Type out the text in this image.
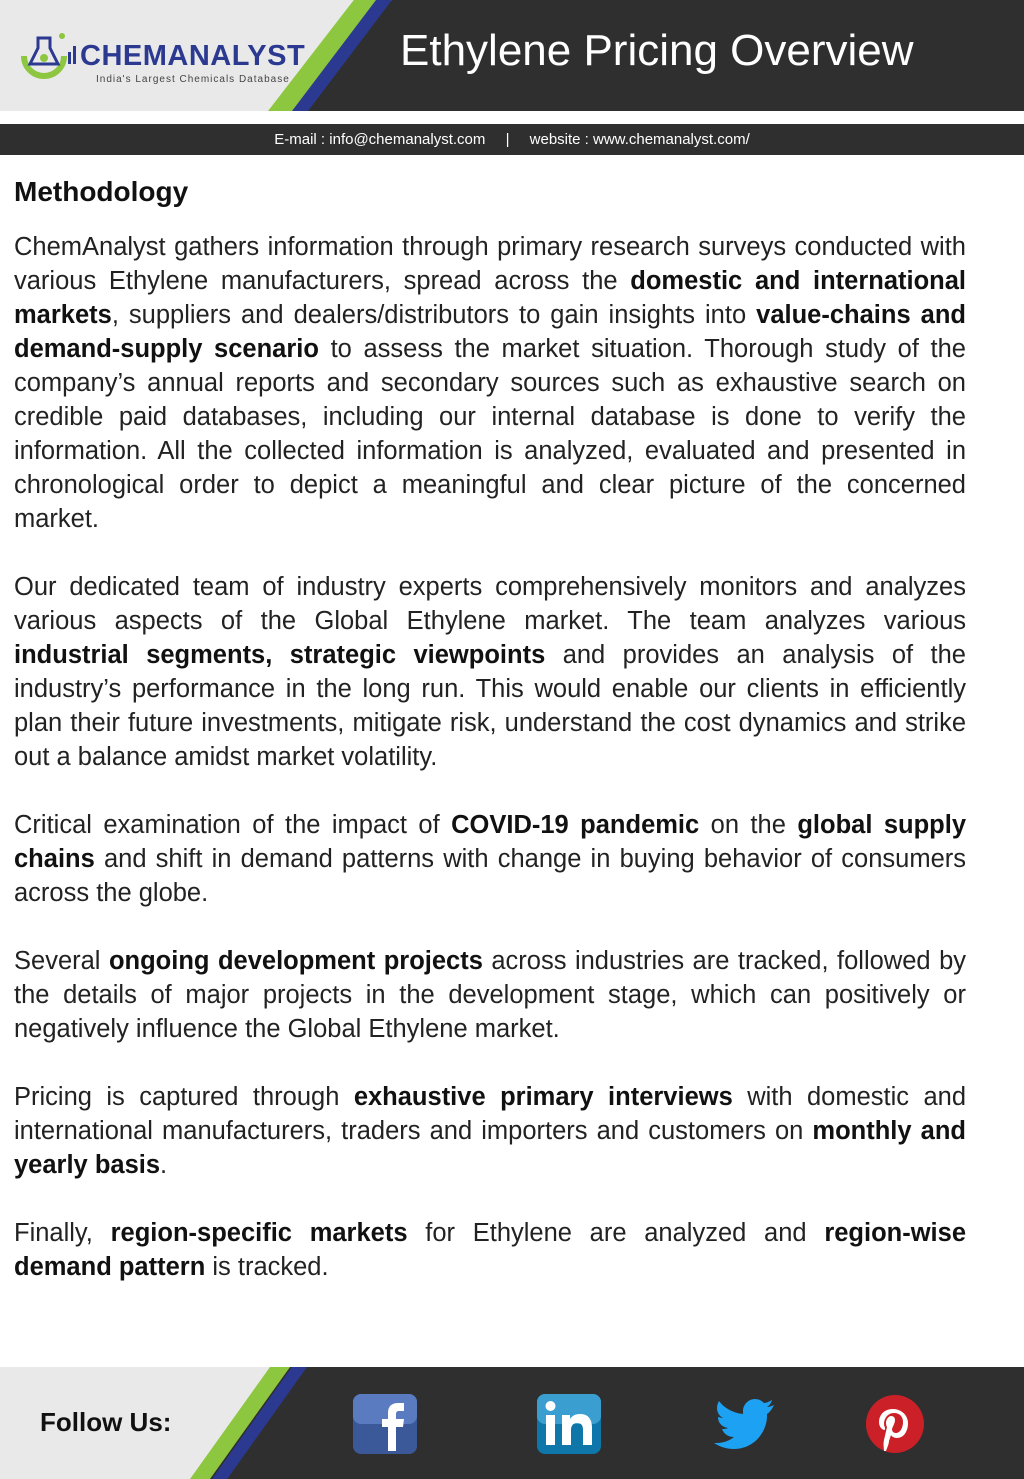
CHEMANALYST
India's Largest Chemicals Database
Ethylene Pricing Overview
E-mail : info@chemanalyst.com | website : www.chemanalyst.com/
Methodology

ChemAnalyst gathers information through primary research surveys conducted with various Ethylene manufacturers, spread across the domestic and international markets, suppliers and dealers/distributors to gain insights into value-chains and demand-supply scenario to assess the market situation. Thorough study of the company’s annual reports and secondary sources such as exhaustive search on credible paid databases, including our internal database is done to verify the information. All the collected information is analyzed, evaluated and presented in chronological order to depict a meaningful and clear picture of the concerned market.

Our dedicated team of industry experts comprehensively monitors and analyzes various aspects of the Global Ethylene market. The team analyzes various industrial segments, strategic viewpoints and provides an analysis of the industry’s performance in the long run. This would enable our clients in efficiently plan their future investments, mitigate risk, understand the cost dynamics and strike out a balance amidst market volatility.

Critical examination of the impact of COVID-19 pandemic on the global supply chains and shift in demand patterns with change in buying behavior of consumers across the globe.

Several ongoing development projects across industries are tracked, followed by the details of major projects in the development stage, which can positively or negatively influence the Global Ethylene market.

Pricing is captured through exhaustive primary interviews with domestic and international manufacturers, traders and importers and customers on monthly and yearly basis.

Finally, region-specific markets for Ethylene are analyzed and region-wise demand pattern is tracked.

Follow Us:
